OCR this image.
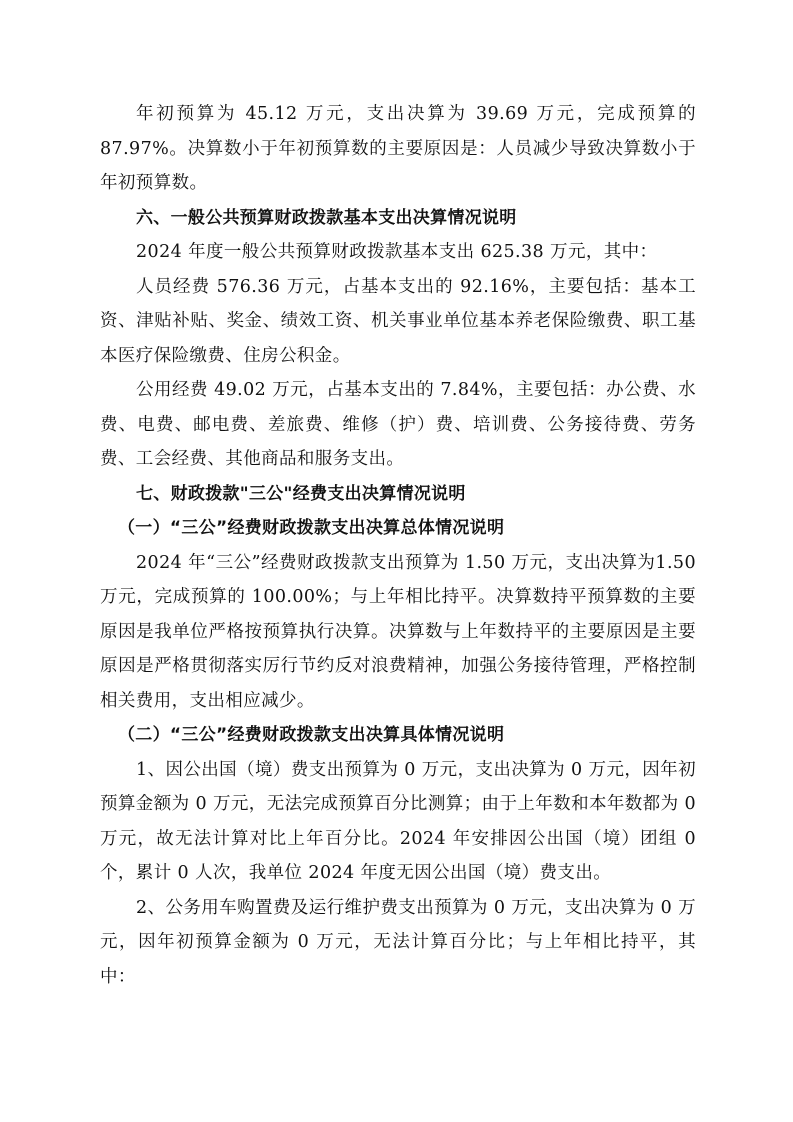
年初预算为 45.12 万元，支出决算为 39.69 万元，完成预算的87.97%。决算数小于年初预算数的主要原因是：人员减少导致决算数小于年初预算数。

六、一般公共预算财政拨款基本支出决算情况说明

2024 年度一般公共预算财政拨款基本支出 625.38 万元，其中：

人员经费 576.36 万元，占基本支出的 92.16%，主要包括：基本工资、津贴补贴、奖金、绩效工资、机关事业单位基本养老保险缴费、职工基本医疗保险缴费、住房公积金。

公用经费 49.02 万元，占基本支出的 7.84%，主要包括：办公费、水费、电费、邮电费、差旅费、维修（护）费、培训费、公务接待费、劳务费、工会经费、其他商品和服务支出。

七、财政拨款"三公"经费支出决算情况说明

（一）“三公”经费财政拨款支出决算总体情况说明

2024 年“三公”经费财政拨款支出预算为 1.50 万元，支出决算为1.50 万元，完成预算的 100.00%；与上年相比持平。决算数持平预算数的主要原因是我单位严格按预算执行决算。决算数与上年数持平的主要原因是主要原因是严格贯彻落实厉行节约反对浪费精神，加强公务接待管理，严格控制相关费用，支出相应减少。

（二）“三公”经费财政拨款支出决算具体情况说明

1、因公出国（境）费支出预算为 0 万元，支出决算为 0 万元，因年初预算金额为 0 万元，无法完成预算百分比测算；由于上年数和本年数都为 0 万元，故无法计算对比上年百分比。2024 年安排因公出国（境）团组 0 个，累计 0 人次，我单位 2024 年度无因公出国（境）费支出。

2、公务用车购置费及运行维护费支出预算为 0 万元，支出决算为 0 万元，因年初预算金额为 0 万元，无法计算百分比；与上年相比持平，其中：
